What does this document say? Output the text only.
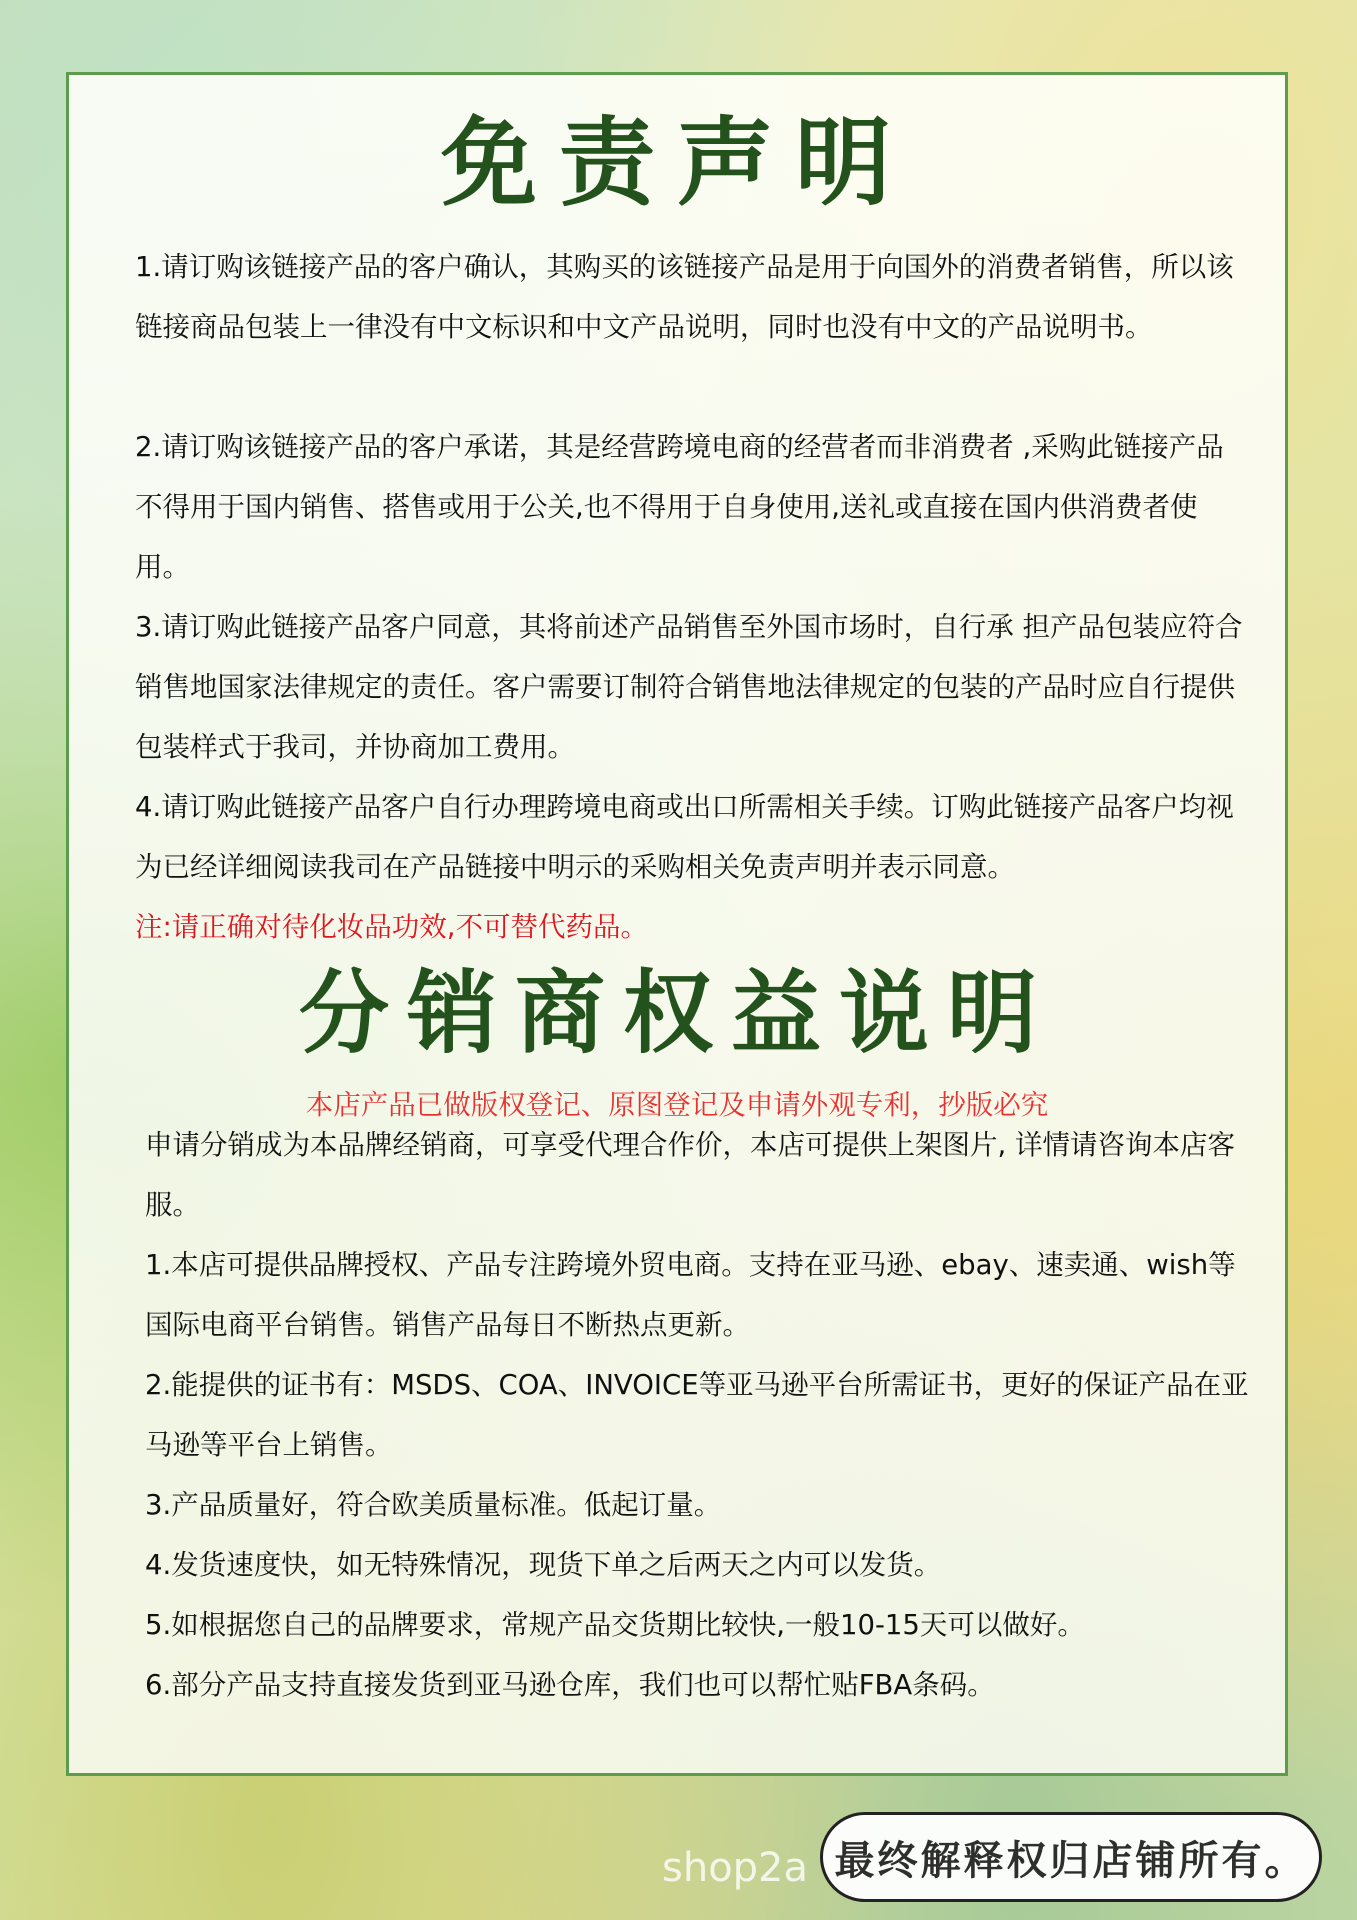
免责声明

1.请订购该链接产品的客户确认，其购买的该链接产品是用于向国外的消费者销售，所以该链接商品包装上一律没有中文标识和中文产品说明，同时也没有中文的产品说明书。

2.请订购该链接产品的客户承诺，其是经营跨境电商的经营者而非消费者 ,采购此链接产品不得用于国内销售、搭售或用于公关,也不得用于自身使用,送礼或直接在国内供消费者使用。

3.请订购此链接产品客户同意，其将前述产品销售至外国市场时，自行承 担产品包装应符合销售地国家法律规定的责任。客户需要订制符合销售地法律规定的包装的产品时应自行提供包装样式于我司，并协商加工费用。

4.请订购此链接产品客户自行办理跨境电商或出口所需相关手续。订购此链接产品客户均视为已经详细阅读我司在产品链接中明示的采购相关免责声明并表示同意。

注:请正确对待化妆品功效,不可替代药品。

分销商权益说明

本店产品已做版权登记、原图登记及申请外观专利，抄版必究

申请分销成为本品牌经销商，可享受代理合作价，本店可提供上架图片, 详情请咨询本店客服。

1.本店可提供品牌授权、产品专注跨境外贸电商。支持在亚马逊、ebay、速卖通、wish等国际电商平台销售。销售产品每日不断热点更新。

2.能提供的证书有：MSDS、COA、INVOICE等亚马逊平台所需证书，更好的保证产品在亚马逊等平台上销售。

3.产品质量好，符合欧美质量标准。低起订量。

4.发货速度快，如无特殊情况，现货下单之后两天之内可以发货。

5.如根据您自己的品牌要求，常规产品交货期比较快,一般10-15天可以做好。

6.部分产品支持直接发货到亚马逊仓库，我们也可以帮忙贴FBA条码。

最终解释权归店铺所有。
shop2a
